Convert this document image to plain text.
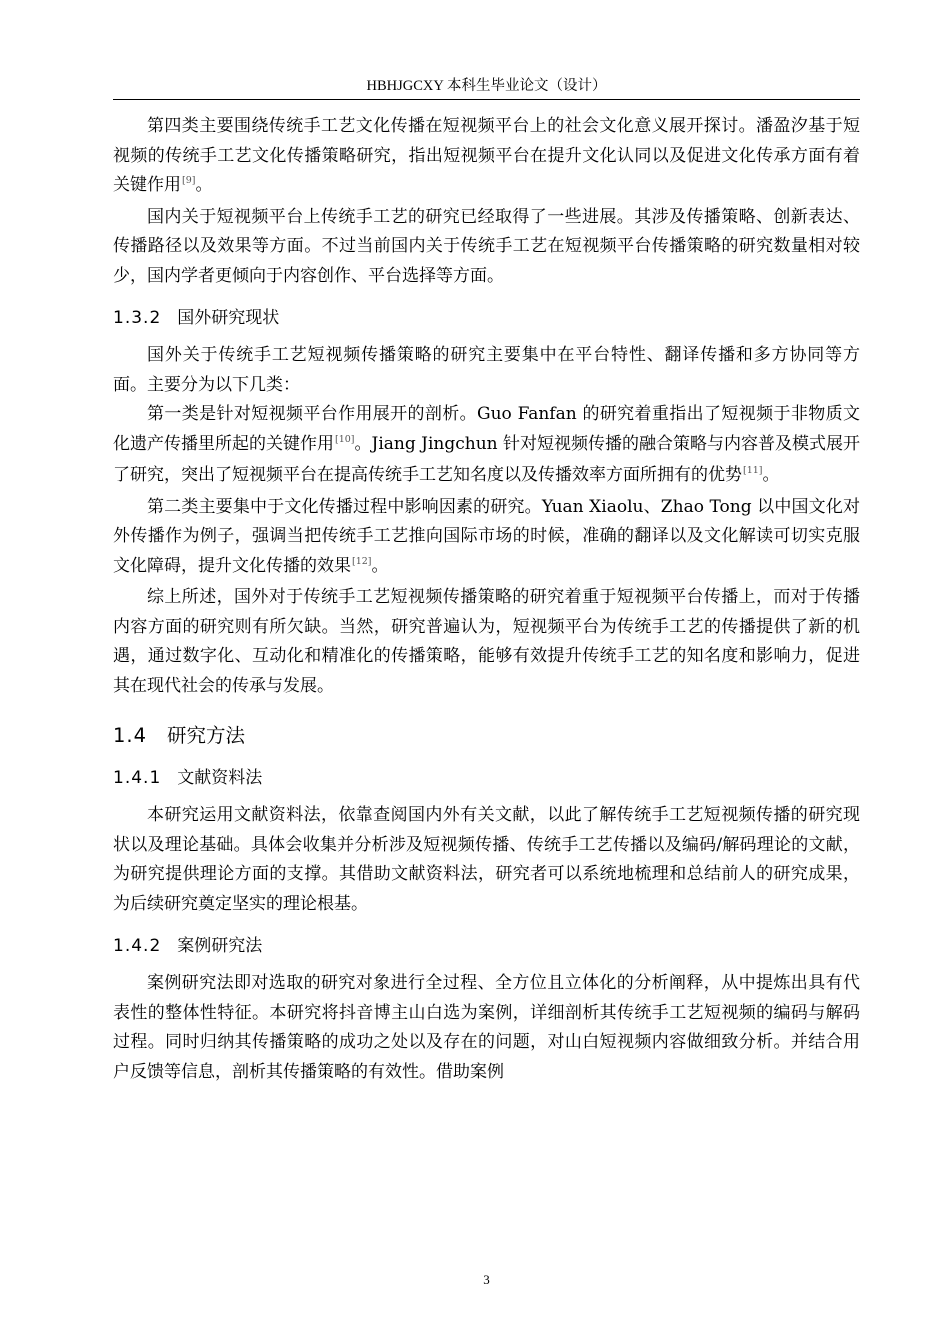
HBHJGCXY 本科生毕业论文（设计）

第四类主要围绕传统手工艺文化传播在短视频平台上的社会文化意义展开探讨。潘盈汐基于短视频的传统手工艺文化传播策略研究，指出短视频平台在提升文化认同以及促进文化传承方面有着关键作用[9]。

国内关于短视频平台上传统手工艺的研究已经取得了一些进展。其涉及传播策略、创新表达、传播路径以及效果等方面。不过当前国内关于传统手工艺在短视频平台传播策略的研究数量相对较少，国内学者更倾向于内容创作、平台选择等方面。

1.3.2 国外研究现状

国外关于传统手工艺短视频传播策略的研究主要集中在平台特性、翻译传播和多方协同等方面。主要分为以下几类：

第一类是针对短视频平台作用展开的剖析。Guo Fanfan 的研究着重指出了短视频于非物质文化遗产传播里所起的关键作用[10]。Jiang Jingchun 针对短视频传播的融合策略与内容普及模式展开了研究，突出了短视频平台在提高传统手工艺知名度以及传播效率方面所拥有的优势[11]。

第二类主要集中于文化传播过程中影响因素的研究。Yuan Xiaolu、Zhao Tong 以中国文化对外传播作为例子，强调当把传统手工艺推向国际市场的时候，准确的翻译以及文化解读可切实克服文化障碍，提升文化传播的效果[12]。

综上所述，国外对于传统手工艺短视频传播策略的研究着重于短视频平台传播上，而对于传播内容方面的研究则有所欠缺。当然，研究普遍认为，短视频平台为传统手工艺的传播提供了新的机遇，通过数字化、互动化和精准化的传播策略，能够有效提升传统手工艺的知名度和影响力，促进其在现代社会的传承与发展。

1.4 研究方法
1.4.1 文献资料法

本研究运用文献资料法，依靠查阅国内外有关文献，以此了解传统手工艺短视频传播的研究现状以及理论基础。具体会收集并分析涉及短视频传播、传统手工艺传播以及编码/解码理论的文献，为研究提供理论方面的支撑。其借助文献资料法，研究者可以系统地梳理和总结前人的研究成果，为后续研究奠定坚实的理论根基。

1.4.2 案例研究法

案例研究法即对选取的研究对象进行全过程、全方位且立体化的分析阐释，从中提炼出具有代表性的整体性特征。本研究将抖音博主山白选为案例，详细剖析其传统手工艺短视频的编码与解码过程。同时归纳其传播策略的成功之处以及存在的问题，对山白短视频内容做细致分析。并结合用户反馈等信息，剖析其传播策略的有效性。借助案例

3
